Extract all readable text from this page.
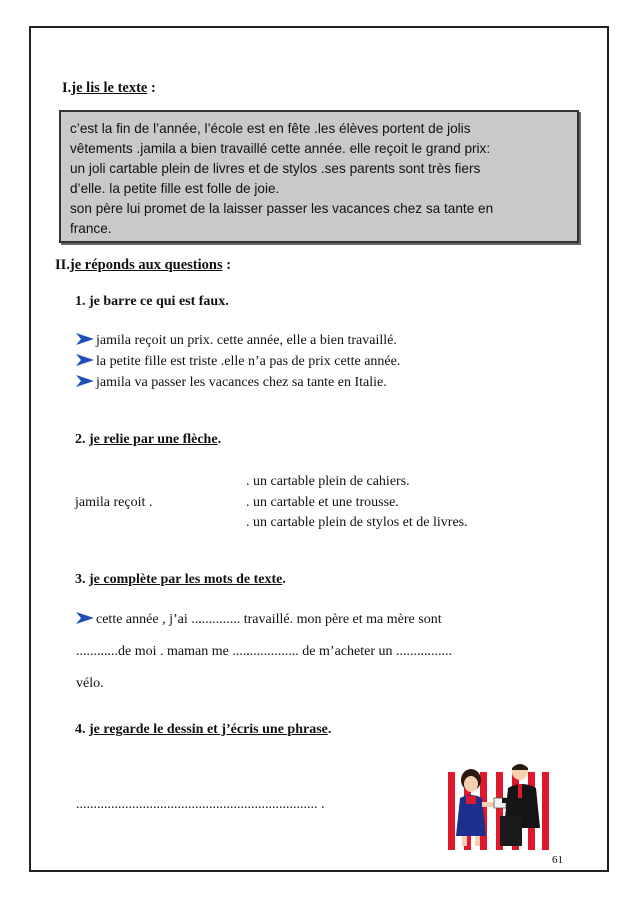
I.je lis le texte :

c’est la fin de l’année, l’école est en fête .les élèves portent de jolis

vêtements .jamila a bien travaillé cette année. elle reçoit le grand prix:

un joli cartable plein de livres et de stylos .ses parents sont très fiers

d’elle. la petite fille est folle de joie.

son père lui promet de la laisser passer les vacances chez sa tante en

france.

II.je réponds aux questions :
1. je barre ce qui est faux.
jamila reçoit un prix. cette année, elle a bien travaillé.
la petite fille est triste .elle n’a pas de prix cette année.
jamila va passer les vacances chez sa tante en Italie.
2. je relie par une flèche.
jamila reçoit .
. un cartable plein de cahiers.
. un cartable et une trousse.
. un cartable plein de stylos et de livres.
3. je complète par les mots de texte.
cette année , j’ai .............. travaillé. mon père et ma mère sont
............de moi . maman me ................... de m’acheter un ................
vélo.
4. je regarde le dessin et j’écris une phrase.
..................................................................... .
61
